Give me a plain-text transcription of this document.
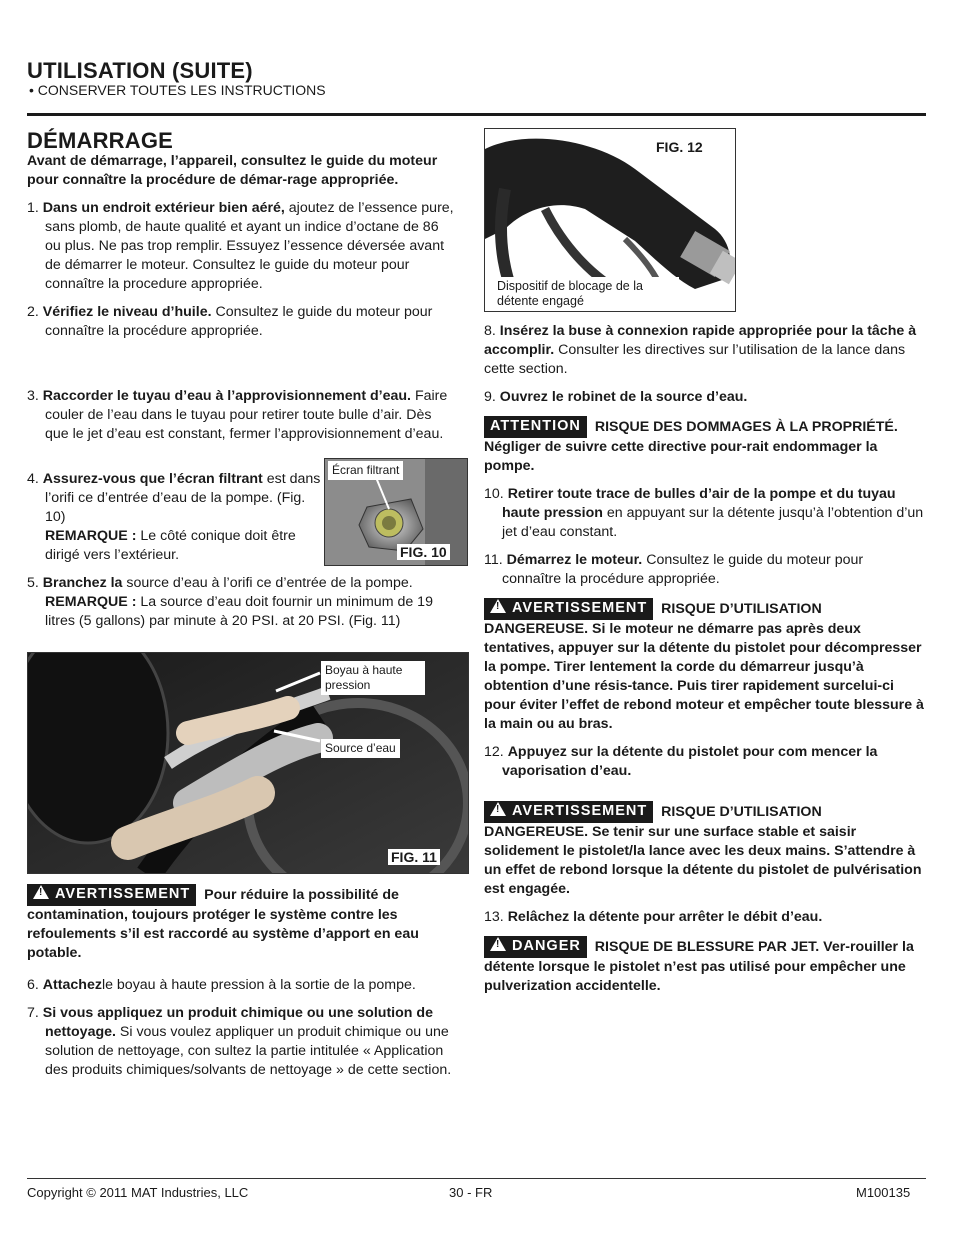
UTILISATION (SUITE)
• CONSERVER TOUTES LES INSTRUCTIONS
DÉMARRAGE

Avant de démarrage, l’appareil, consultez le guide du moteur pour connaître la procédure de démar-rage appropriée.

1. Dans un endroit extérieur bien aéré, ajoutez de l’essence pure, sans plomb, de haute qualité et ayant un indice d’octane de 86 ou plus. Ne pas trop remplir. Essuyez l’essence déversée avant de démarrer le moteur. Consultez le guide du moteur pour connaître la procedure appropriée.

2. Vérifiez le niveau d’huile. Consultez le guide du moteur pour connaître la procédure appropriée.

3. Raccorder le tuyau d’eau à l’approvisionnement d’eau. Faire couler de l’eau dans le tuyau pour retirer toute bulle d’air. Dès que le jet d’eau est constant, fermer l’approvisionnement d’eau.

4. Assurez-vous que l’écran filtrant est dans l’orifi ce d’entrée d’eau de la pompe. (Fig. 10)
REMARQUE : Le côté conique doit être dirigé vers l’extérieur.

Écran filtrant
FIG. 10

5. Branchez la source d’eau à l’orifi ce d’entrée de la pompe. REMARQUE : La source d’eau doit fournir un minimum de 19 litres (5 gallons) par minute à 20 PSI. at 20 PSI. (Fig. 11)

Boyau à haute pression
Source d’eau
FIG. 11

! AVERTISSEMENT Pour réduire la possibilité de contamination, toujours protéger le système contre les refoulements s’il est raccordé au système d’apport en eau potable.

6. Attachezle boyau à haute pression à la sortie de la pompe.

7. Si vous appliquez un produit chimique ou une solution de nettoyage. Si vous voulez appliquer un produit chimique ou une solution de nettoyage, con sultez la partie intitulée « Application des produits chimiques/solvants de nettoyage » de cette section.

FIG. 12
Dispositif de blocage de la détente engagé

8. Insérez la buse à connexion rapide appropriée pour la tâche à accomplir. Consulter les directives sur l’utilisation de la lance dans cette section.

9. Ouvrez le robinet de la source d’eau.

ATTENTION RISQUE DES DOMMAGES À LA PROPRIÉTÉ. Négliger de suivre cette directive pour-rait endommager la pompe.

10. Retirer toute trace de bulles d’air de la pompe et du tuyau haute pression en appuyant sur la détente jusqu’à l’obtention d’un jet d’eau constant.

11. Démarrez le moteur. Consultez le guide du moteur pour connaître la procédure appropriée.

! AVERTISSEMENT RISQUE D’UTILISATION DANGEREUSE. Si le moteur ne démarre pas après deux tentatives, appuyer sur la détente du pistolet pour décompresser la pompe. Tirer lentement la corde du démarreur jusqu’à obtention d’une résis-tance. Puis tirer rapidement surcelui-ci pour éviter l’effet de rebond moteur et empêcher toute blessure à la main ou au bras.

12. Appuyez sur la détente du pistolet pour com mencer la vaporisation d’eau.

! AVERTISSEMENT RISQUE D’UTILISATION DANGEREUSE. Se tenir sur une surface stable et saisir solidement le pistolet/la lance avec les deux mains. S’attendre à un effet de rebond lorsque la détente du pistolet de pulvérisation est engagée.

13. Relâchez la détente pour arrêter le débit d’eau.

! DANGER RISQUE DE BLESSURE PAR JET. Ver-rouiller la détente lorsque le pistolet n’est pas utilisé pour empêcher une pulverization accidentelle.

Copyright © 2011 MAT Industries, LLC	30 - FR	M100135
